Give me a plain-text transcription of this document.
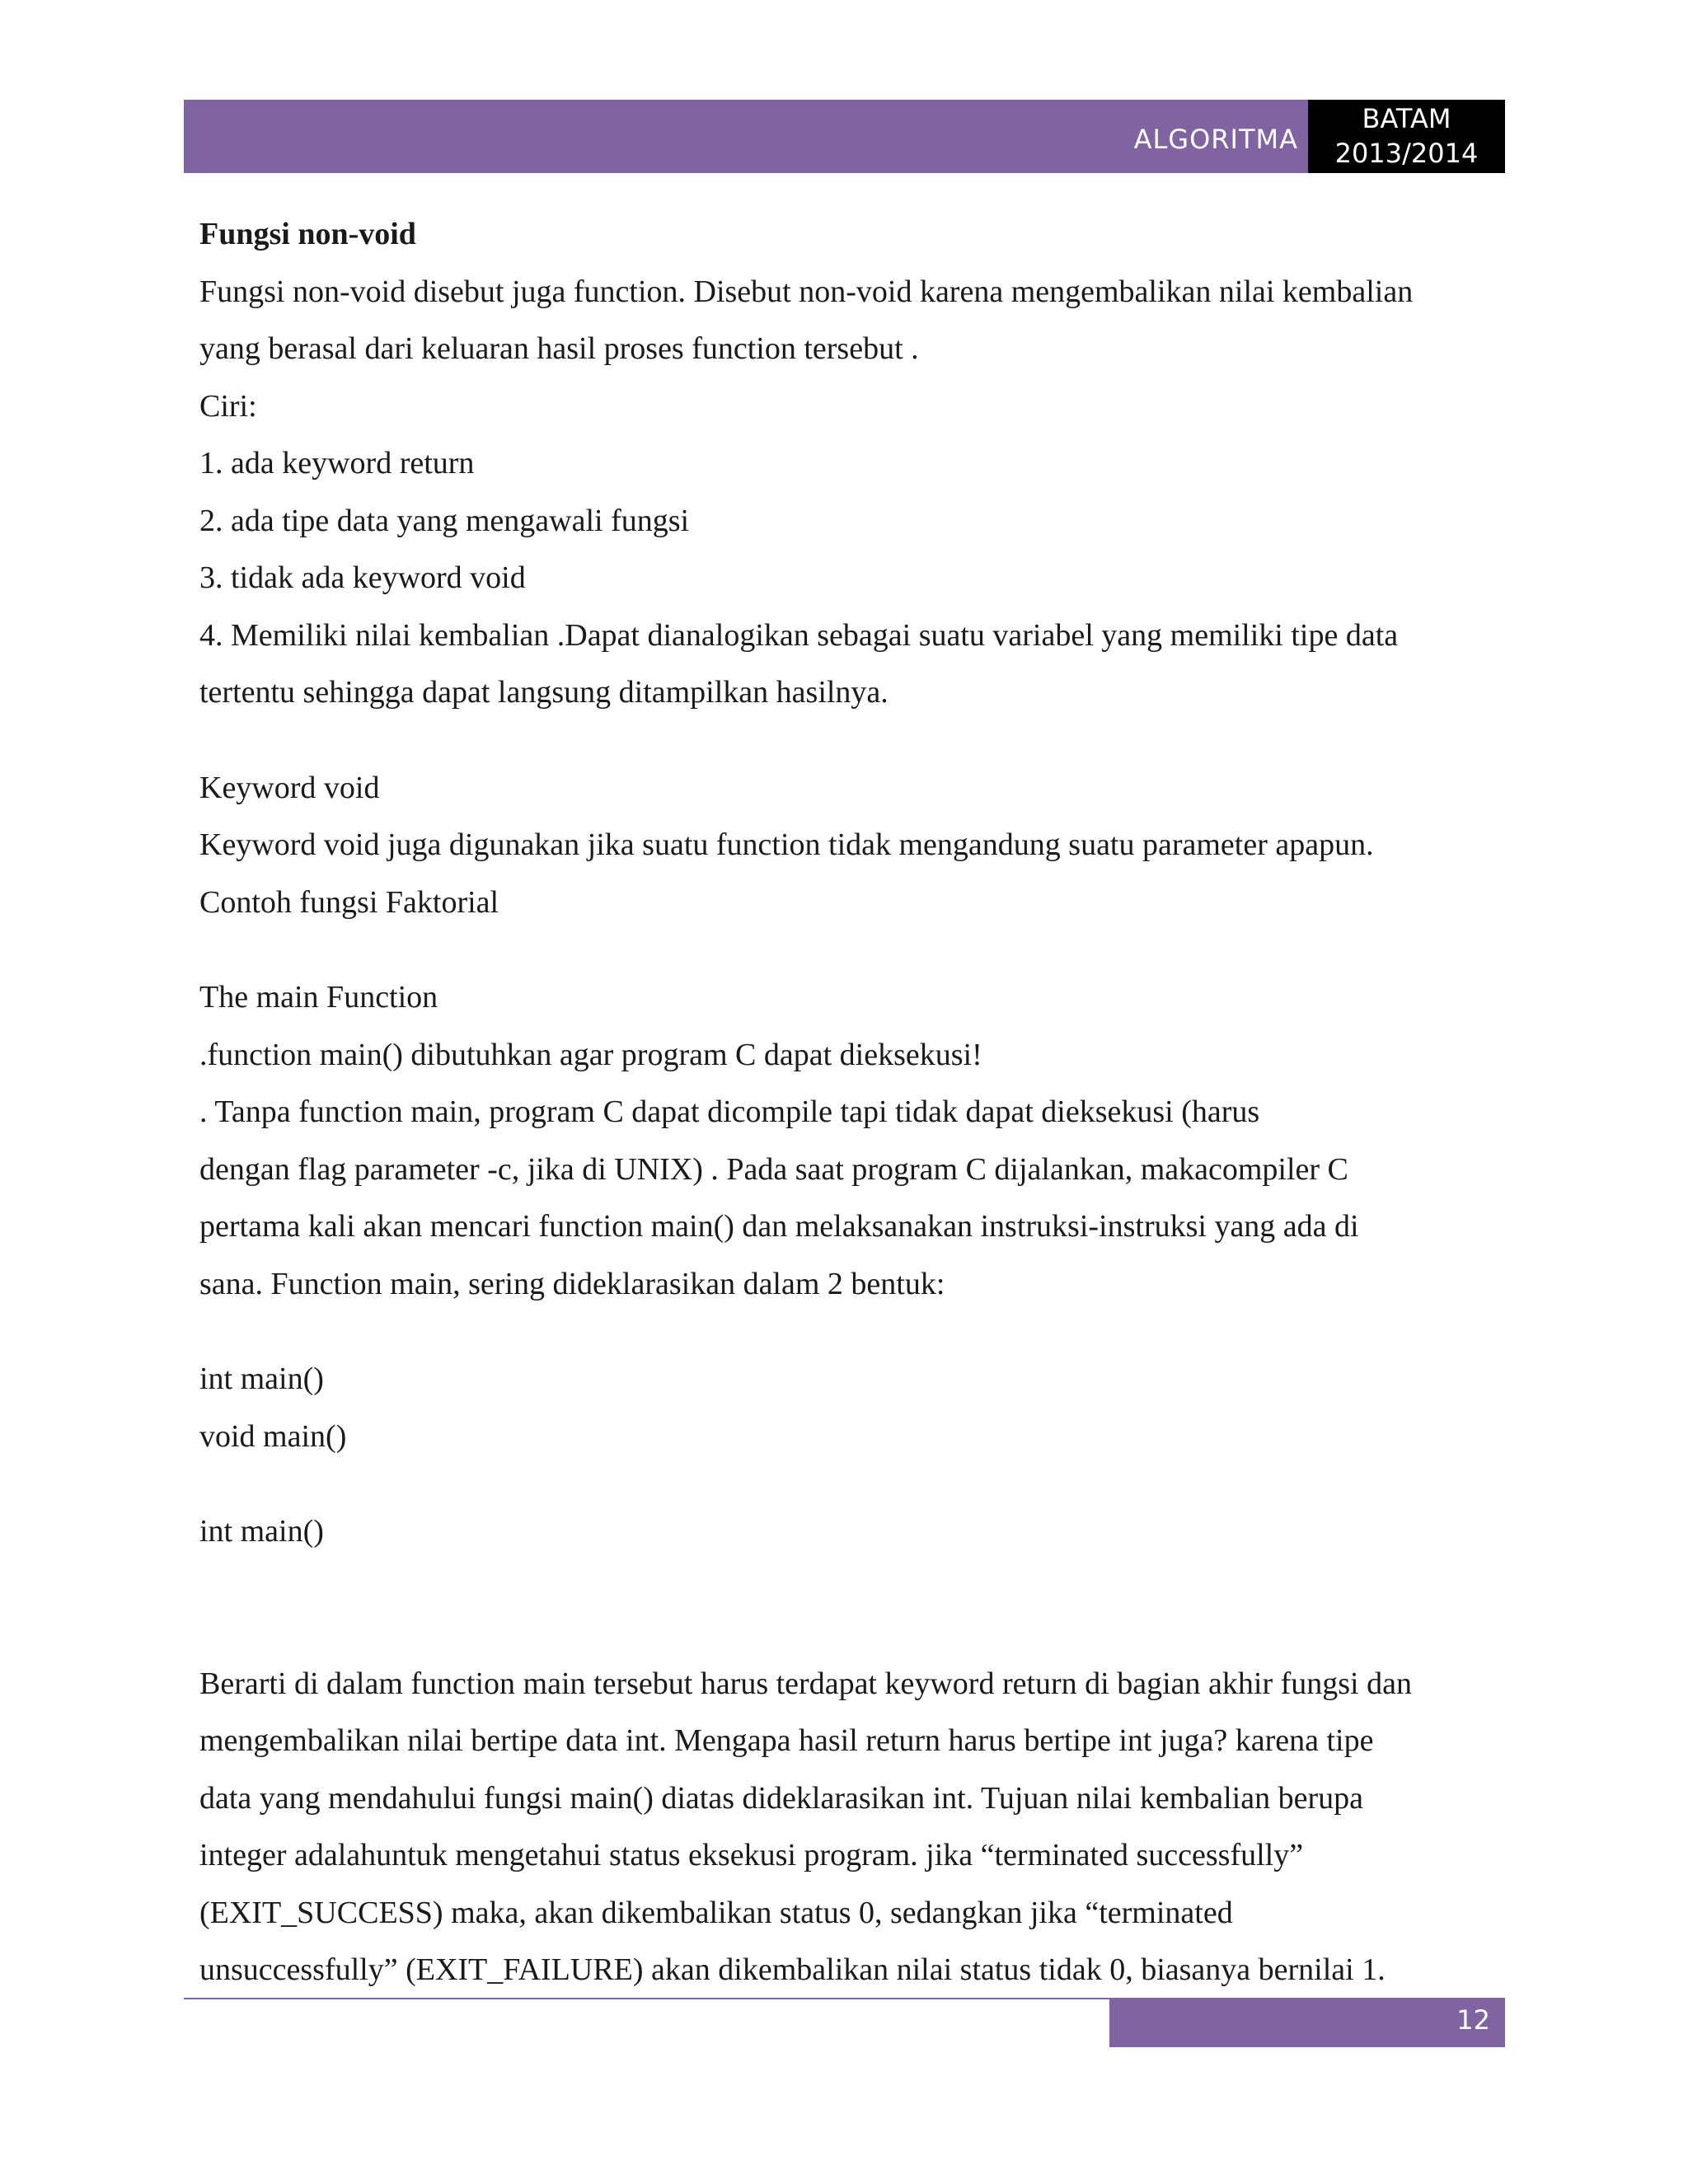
ALGORITMA
BATAM
2013/2014

Fungsi non-void

Fungsi non-void disebut juga function. Disebut non-void karena mengembalikan nilai kembalian

yang berasal dari keluaran hasil proses function tersebut .

Ciri:

1. ada keyword return

2. ada tipe data yang mengawali fungsi

3. tidak ada keyword void

4. Memiliki nilai kembalian .Dapat dianalogikan sebagai suatu variabel yang memiliki tipe data

tertentu sehingga dapat langsung ditampilkan hasilnya.

Keyword void

Keyword void juga digunakan jika suatu function tidak mengandung suatu parameter apapun.

Contoh fungsi Faktorial

The main Function

.function main() dibutuhkan agar program C dapat dieksekusi!

. Tanpa function main, program C dapat dicompile tapi tidak dapat dieksekusi (harus

dengan flag parameter -c, jika di UNIX) . Pada saat program C dijalankan, makacompiler C

pertama kali akan mencari function main() dan melaksanakan instruksi-instruksi yang ada di

sana. Function main, sering dideklarasikan dalam 2 bentuk:

int main()

void main()

int main()

Berarti di dalam function main tersebut harus terdapat keyword return di bagian akhir fungsi dan

mengembalikan nilai bertipe data int. Mengapa hasil return harus bertipe int juga? karena tipe

data yang mendahului fungsi main() diatas dideklarasikan int. Tujuan nilai kembalian berupa

integer adalahuntuk mengetahui status eksekusi program. jika “terminated successfully”

(EXIT_SUCCESS) maka, akan dikembalikan status 0, sedangkan jika “terminated

unsuccessfully” (EXIT_FAILURE) akan dikembalikan nilai status tidak 0, biasanya bernilai 1.

12
